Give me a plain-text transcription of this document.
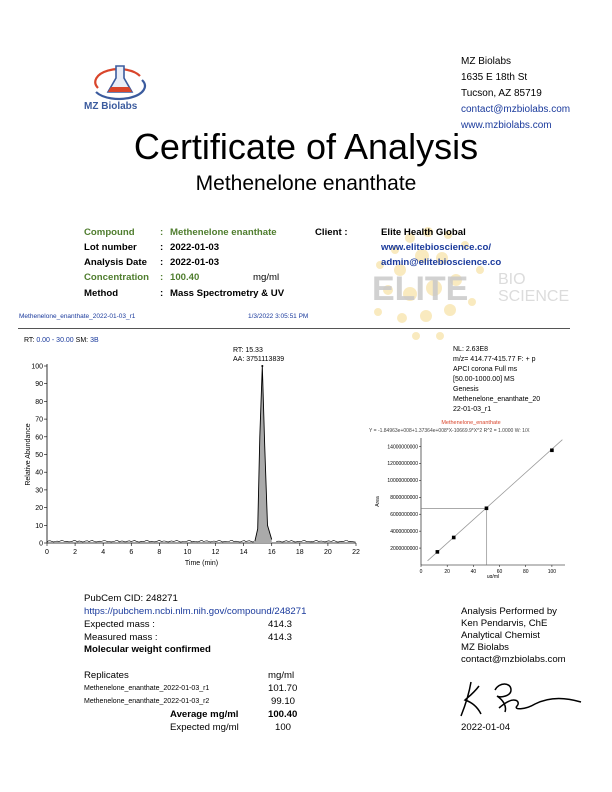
MZ Biolabs
MZ Biolabs
1635 E 18th St
Tucson, AZ 85719
contact@mzbiolabs.com
www.mzbiolabs.com
Certificate of Analysis
Methenelone enanthate
ELITE BIO
SCIENCE
Compound	: Methenelone enanthate
Lot number : 2022-01-03
Analysis Date : 2022-01-03
Concentration : 100.40	mg/ml
Method	: Mass Spectrometry & UV
Client :	Elite Health Global
www.elitebioscience.co/
admin@elitebioscience.co
Methenelone_enanthate_2022-01-03_r1	1/3/2022 3:05:51 PM
RT: 0.00 - 30.00 SM: 3B
RT: 15.33
AA: 3751113839
0
10
20
30
40
50
60
70
80
90
100
0	2	4	6	8	10	12	14	16	18	20	22
Time (min)
Relative Abundance
NL: 2.63E8
m/z= 414.77-415.77 F: + p
APCI corona Full ms
[50.00-1000.00] MS
Genesis
Methenelone_enanthate_20
22-01-03_r1
Methenelone_enanthate
Y = -1.84963e+008+1.37364e+008*X-10669.9*X^2 R^2 = 1.0000 W: 1/X
2000000000
4000000000
6000000000
8000000000
10000000000
12000000000
14000000000
0	20	40	60	80	100
ug/ml
Area
PubCem CID: 248271
https://pubchem.ncbi.nlm.nih.gov/compound/248271
Expected mass :	414.3
Measured mass :	414.3
Molecular weight confirmed
Replicates	mg/ml
Methenelone_enanthate_2022-01-03_r1	101.70
Methenelone_enanthate_2022-01-03_r2	99.10
Average mg/ml	100.40
Expected mg/ml	100
Analysis Performed by
Ken Pendarvis, ChE
Analytical Chemist
MZ Biolabs
contact@mzbiolabs.com
2022-01-04
